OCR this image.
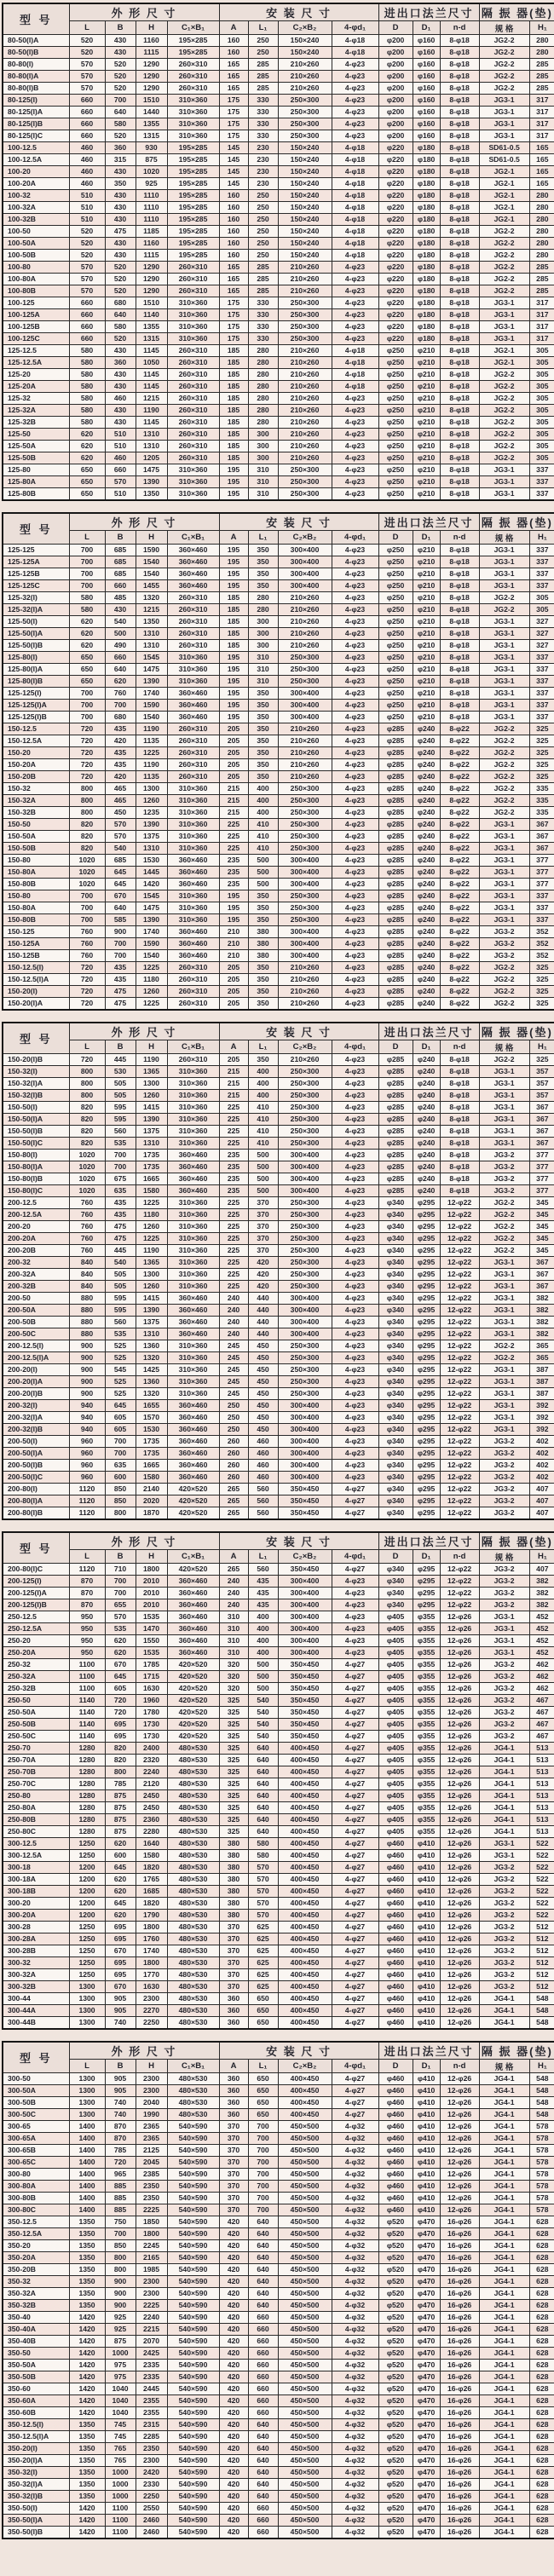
型 号	外 形 尺 寸				安 装 尺 寸				进出口法兰尺寸			隔 振 器(垫)	
	L	B	H	C₁×B₁	A	L₁	C₂×B₂	4-φd₁	D	D₁	n-d	规 格	H₁
80-50(I)A	520	430	1160	195×285	160	250	150×240	4-φ18	φ200	φ160	8-φ18	JG2-2	280
80-50(I)B	520	430	1115	195×285	160	250	150×240	4-φ18	φ200	φ160	8-φ18	JG2-2	280
80-80(I)	570	520	1290	260×310	165	285	210×260	4-φ23	φ200	φ160	8-φ18	JG2-2	285
80-80(I)A	570	520	1290	260×310	165	285	210×260	4-φ23	φ200	φ160	8-φ18	JG2-2	285
80-80(I)B	570	520	1290	260×310	165	285	210×260	4-φ23	φ200	φ160	8-φ18	JG2-2	285
80-125(I)	660	700	1510	310×360	175	330	250×300	4-φ23	φ200	φ160	8-φ18	JG3-1	317
80-125(I)A	660	640	1440	310×360	175	330	250×300	4-φ23	φ200	φ160	8-φ18	JG3-1	317
80-125(I)B	660	580	1355	310×360	175	330	250×300	4-φ23	φ200	φ160	8-φ18	JG3-1	317
80-125(I)C	660	520	1315	310×360	175	330	250×300	4-φ23	φ200	φ160	8-φ18	JG3-1	317
100-12.5	460	360	930	195×285	145	230	150×240	4-φ18	φ220	φ180	8-φ18	SD61-0.5	165
100-12.5A	460	315	875	195×285	145	230	150×240	4-φ18	φ220	φ180	8-φ18	SD61-0.5	165
100-20	460	430	1020	195×285	145	230	150×240	4-φ18	φ220	φ180	8-φ18	JG2-1	165
100-20A	460	350	925	195×285	145	230	150×240	4-φ18	φ220	φ180	8-φ18	JG2-1	165
100-32	510	430	1110	195×285	160	250	150×240	4-φ18	φ220	φ180	8-φ18	JG2-1	280
100-32A	510	430	1110	195×285	160	250	150×240	4-φ18	φ220	φ180	8-φ18	JG2-1	280
100-32B	510	430	1110	195×285	160	250	150×240	4-φ18	φ220	φ180	8-φ18	JG2-1	280
100-50	520	475	1185	195×285	160	250	150×240	4-φ18	φ220	φ180	8-φ18	JG2-2	280
100-50A	520	430	1160	195×285	160	250	150×240	4-φ18	φ220	φ180	8-φ18	JG2-2	280
100-50B	520	430	1115	195×285	160	250	150×240	4-φ18	φ220	φ180	8-φ18	JG2-2	280
100-80	570	520	1290	260×310	165	285	210×260	4-φ23	φ220	φ180	8-φ18	JG2-2	285
100-80A	570	520	1290	260×310	165	285	210×260	4-φ23	φ220	φ180	8-φ18	JG2-2	285
100-80B	570	520	1290	260×310	165	285	210×260	4-φ23	φ220	φ180	8-φ18	JG2-2	285
100-125	660	680	1510	310×360	175	330	250×300	4-φ23	φ220	φ180	8-φ18	JG3-1	317
100-125A	660	640	1140	310×360	175	330	250×300	4-φ23	φ220	φ180	8-φ18	JG3-1	317
100-125B	660	580	1355	310×360	175	330	250×300	4-φ23	φ220	φ180	8-φ18	JG3-1	317
100-125C	660	520	1315	310×360	175	330	250×300	4-φ23	φ220	φ180	8-φ18	JG3-1	317
125-12.5	580	430	1145	260×310	185	280	210×260	4-φ18	φ250	φ210	8-φ18	JG2-1	305
125-12.5A	580	360	1050	260×310	185	280	210×260	4-φ18	φ250	φ210	8-φ18	JG2-1	305
125-20	580	430	1145	260×310	185	280	210×260	4-φ18	φ250	φ210	8-φ18	JG2-2	305
125-20A	580	430	1145	260×310	185	280	210×260	4-φ18	φ250	φ210	8-φ18	JG2-2	305
125-32	580	460	1215	260×310	185	280	210×260	4-φ23	φ250	φ210	8-φ18	JG2-2	305
125-32A	580	430	1190	260×310	185	280	210×260	4-φ23	φ250	φ210	8-φ18	JG2-2	305
125-32B	580	430	1145	260×310	185	280	210×260	4-φ23	φ250	φ210	8-φ18	JG2-2	305
125-50	620	510	1310	260×310	185	300	210×260	4-φ23	φ250	φ210	8-φ18	JG2-2	305
125-50A	620	510	1310	260×310	185	300	210×260	4-φ23	φ250	φ210	8-φ18	JG2-2	305
125-50B	620	460	1205	260×310	185	300	210×260	4-φ23	φ250	φ210	8-φ18	JG2-2	305
125-80	650	660	1475	310×360	195	310	250×300	4-φ23	φ250	φ210	8-φ18	JG3-1	337
125-80A	650	570	1390	310×360	195	310	250×300	4-φ23	φ250	φ210	8-φ18	JG3-1	337
125-80B	650	510	1350	310×360	195	310	250×300	4-φ23	φ250	φ210	8-φ18	JG3-1	337
型 号	外 形 尺 寸				安 装 尺 寸				进出口法兰尺寸			隔 振 器(垫)	
	L	B	H	C₁×B₁	A	L₁	C₂×B₂	4-φd₁	D	D₁	n-d	规 格	H₁
125-125	700	685	1590	360×460	195	350	300×400	4-φ23	φ250	φ210	8-φ18	JG3-1	337
125-125A	700	685	1540	360×460	195	350	300×400	4-φ23	φ250	φ210	8-φ18	JG3-1	337
125-125B	700	685	1540	360×460	195	350	300×400	4-φ23	φ250	φ210	8-φ18	JG3-1	337
125-125C	700	660	1455	360×460	195	350	300×400	4-φ23	φ250	φ210	8-φ18	JG3-1	337
125-32(I)	580	485	1320	260×310	185	280	210×260	4-φ23	φ250	φ210	8-φ18	JG2-2	305
125-32(I)A	580	430	1215	260×310	185	280	210×260	4-φ23	φ250	φ210	8-φ18	JG2-2	305
125-50(I)	620	540	1350	260×310	185	300	210×260	4-φ23	φ250	φ210	8-φ18	JG3-1	327
125-50(I)A	620	500	1310	260×310	185	300	210×260	4-φ23	φ250	φ210	8-φ18	JG3-1	327
125-50(I)B	620	490	1310	260×310	185	300	210×260	4-φ23	φ250	φ210	8-φ18	JG3-1	327
125-80(I)	650	660	1545	310×360	195	310	250×300	4-φ23	φ250	φ210	8-φ18	JG3-1	337
125-80(I)A	650	640	1475	310×360	195	310	250×300	4-φ23	φ250	φ210	8-φ18	JG3-1	337
125-80(I)B	650	620	1390	310×360	195	310	250×300	4-φ23	φ250	φ210	8-φ18	JG3-1	337
125-125(I)	700	760	1740	360×460	195	350	300×400	4-φ23	φ250	φ210	8-φ18	JG3-1	337
125-125(I)A	700	700	1590	360×460	195	350	300×400	4-φ23	φ250	φ210	8-φ18	JG3-1	337
125-125(I)B	700	680	1540	360×460	195	350	300×400	4-φ23	φ250	φ210	8-φ18	JG3-1	337
150-12.5	720	435	1190	260×310	205	350	210×260	4-φ23	φ285	φ240	8-φ22	JG2-2	325
150-12.5A	720	420	1135	260×310	205	350	210×260	4-φ23	φ285	φ240	8-φ22	JG2-2	325
150-20	720	435	1225	260×310	205	350	210×260	4-φ23	φ285	φ240	8-φ22	JG2-2	325
150-20A	720	435	1190	260×310	205	350	210×260	4-φ23	φ285	φ240	8-φ22	JG2-2	325
150-20B	720	420	1135	260×310	205	350	210×260	4-φ23	φ285	φ240	8-φ22	JG2-2	325
150-32	800	465	1300	310×360	215	400	250×300	4-φ23	φ285	φ240	8-φ22	JG2-2	335
150-32A	800	465	1260	310×360	215	400	250×300	4-φ23	φ285	φ240	8-φ22	JG2-2	335
150-32B	800	450	1235	310×360	215	400	250×300	4-φ23	φ285	φ240	8-φ22	JG2-2	335
150-50	820	570	1390	310×360	225	410	250×300	4-φ23	φ285	φ240	8-φ22	JG3-1	367
150-50A	820	570	1375	310×360	225	410	250×300	4-φ23	φ285	φ240	8-φ22	JG3-1	367
150-50B	820	540	1310	310×360	225	410	250×300	4-φ23	φ285	φ240	8-φ22	JG3-1	367
150-80	1020	685	1530	360×460	235	500	300×400	4-φ23	φ285	φ240	8-φ22	JG3-1	377
150-80A	1020	645	1445	360×460	235	500	300×400	4-φ23	φ285	φ240	8-φ22	JG3-1	377
150-80B	1020	645	1420	360×460	235	500	300×400	4-φ23	φ285	φ240	8-φ22	JG3-1	377
150-80	700	670	1545	310×360	195	350	250×300	4-φ23	φ285	φ240	8-φ22	JG3-1	337
150-80A	700	640	1475	310×360	195	350	250×300	4-φ23	φ285	φ240	8-φ22	JG3-1	337
150-80B	700	585	1390	310×360	195	350	250×300	4-φ23	φ285	φ240	8-φ22	JG3-1	337
150-125	760	900	1740	360×460	210	380	300×400	4-φ23	φ285	φ240	8-φ22	JG3-2	352
150-125A	760	700	1590	360×460	210	380	300×400	4-φ23	φ285	φ240	8-φ22	JG3-2	352
150-125B	760	700	1540	360×460	210	380	300×400	4-φ23	φ285	φ240	8-φ22	JG3-2	352
150-12.5(I)	720	435	1225	260×310	205	350	210×260	4-φ23	φ285	φ240	8-φ22	JG2-2	325
150-12.5(I)A	720	435	1180	260×310	205	350	210×260	4-φ23	φ285	φ240	8-φ22	JG2-2	325
150-20(I)	720	475	1260	260×310	205	350	210×260	4-φ23	φ285	φ240	8-φ22	JG2-2	325
150-20(I)A	720	475	1225	260×310	205	350	210×260	4-φ23	φ285	φ240	8-φ22	JG2-2	325
型 号	外 形 尺 寸				安 装 尺 寸				进出口法兰尺寸			隔 振 器(垫)	
	L	B	H	C₁×B₁	A	L₁	C₂×B₂	4-φd₁	D	D₁	n-d	规 格	H₁
150-20(I)B	720	445	1190	260×310	205	350	210×260	4-φ23	φ285	φ240	8-φ18	JG2-2	325
150-32(I)	800	530	1365	310×360	215	400	250×300	4-φ23	φ285	φ240	8-φ18	JG3-1	357
150-32(I)A	800	505	1300	310×360	215	400	250×300	4-φ23	φ285	φ240	8-φ18	JG3-1	357
150-32(I)B	800	505	1260	310×360	215	400	250×300	4-φ23	φ285	φ240	8-φ18	JG3-1	357
150-50(I)	820	595	1415	310×360	225	410	250×300	4-φ23	φ285	φ240	8-φ18	JG3-1	367
150-50(I)A	820	595	1390	310×360	225	410	250×300	4-φ23	φ285	φ240	8-φ18	JG3-1	367
150-50(I)B	820	560	1375	310×360	225	410	250×300	4-φ23	φ285	φ240	8-φ18	JG3-1	367
150-50(I)C	820	535	1310	310×360	225	410	250×300	4-φ23	φ285	φ240	8-φ18	JG3-1	367
150-80(I)	1020	700	1735	360×460	235	500	300×400	4-φ23	φ285	φ240	8-φ18	JG3-2	377
150-80(I)A	1020	700	1735	360×460	235	500	300×400	4-φ23	φ285	φ240	8-φ18	JG3-2	377
150-80(I)B	1020	675	1665	360×460	235	500	300×400	4-φ23	φ285	φ240	8-φ18	JG3-2	377
150-80(I)C	1020	635	1580	360×460	235	500	300×400	4-φ23	φ285	φ240	8-φ18	JG3-2	377
200-12.5	760	435	1225	310×360	225	370	250×300	4-φ23	φ340	φ295	12-φ22	JG2-2	345
200-12.5A	760	435	1180	310×360	225	370	250×300	4-φ23	φ340	φ295	12-φ22	JG2-2	345
200-20	760	475	1260	310×360	225	370	250×300	4-φ23	φ340	φ295	12-φ22	JG2-2	345
200-20A	760	475	1225	310×360	225	370	250×300	4-φ23	φ340	φ295	12-φ22	JG2-2	345
200-20B	760	445	1190	310×360	225	370	250×300	4-φ23	φ340	φ295	12-φ22	JG2-2	345
200-32	840	540	1365	310×360	225	420	250×300	4-φ23	φ340	φ295	12-φ22	JG3-1	367
200-32A	840	505	1300	310×360	225	420	250×300	4-φ23	φ340	φ295	12-φ22	JG3-1	367
200-32B	840	505	1260	310×360	225	420	250×300	4-φ23	φ340	φ295	12-φ22	JG3-1	367
200-50	880	595	1415	360×460	240	440	300×400	4-φ23	φ340	φ295	12-φ22	JG3-1	382
200-50A	880	595	1390	360×460	240	440	300×400	4-φ23	φ340	φ295	12-φ22	JG3-1	382
200-50B	880	560	1375	360×460	240	440	300×400	4-φ23	φ340	φ295	12-φ22	JG3-1	382
200-50C	880	535	1310	360×460	240	440	300×400	4-φ23	φ340	φ295	12-φ22	JG3-1	382
200-12.5(I)	900	525	1360	310×360	245	450	250×300	4-φ23	φ340	φ295	12-φ22	JG2-2	365
200-12.5(I)A	900	525	1320	310×360	245	450	250×300	4-φ23	φ340	φ295	12-φ22	JG2-2	365
200-20(I)	900	545	1425	310×360	245	450	250×300	4-φ23	φ340	φ295	12-φ22	JG3-1	387
200-20(I)A	900	525	1360	310×360	245	450	250×300	4-φ23	φ340	φ295	12-φ22	JG3-1	387
200-20(I)B	900	525	1320	310×360	245	450	250×300	4-φ23	φ340	φ295	12-φ22	JG3-1	387
200-32(I)	940	645	1655	360×460	250	450	300×400	4-φ23	φ340	φ295	12-φ22	JG3-1	392
200-32(I)A	940	605	1570	360×460	250	450	300×400	4-φ23	φ340	φ295	12-φ22	JG3-1	392
200-32(I)B	940	605	1530	360×460	250	450	300×400	4-φ23	φ340	φ295	12-φ22	JG3-1	392
200-50(I)	960	700	1735	360×460	260	460	300×400	4-φ23	φ340	φ295	12-φ22	JG3-2	402
200-50(I)A	960	700	1735	360×460	260	460	300×400	4-φ23	φ340	φ295	12-φ22	JG3-2	402
200-50(I)B	960	635	1665	360×460	260	460	300×400	4-φ23	φ340	φ295	12-φ22	JG3-2	402
200-50(I)C	960	600	1580	360×460	260	460	300×400	4-φ23	φ340	φ295	12-φ22	JG3-2	402
200-80(I)	1120	850	2140	420×520	265	560	350×450	4-φ27	φ340	φ295	12-φ22	JG3-2	407
200-80(I)A	1120	850	2020	420×520	265	560	350×450	4-φ27	φ340	φ295	12-φ22	JG3-2	407
200-80(I)B	1120	800	1870	420×520	265	560	350×450	4-φ27	φ340	φ295	12-φ22	JG3-2	407
型 号	外 形 尺 寸				安 装 尺 寸				进出口法兰尺寸			隔 振 器(垫)	
	L	B	H	C₁×B₁	A	L₁	C₂×B₂	4-φd₁	D	D₁	n-d	规 格	H₁
200-80(I)C	1120	710	1800	420×520	265	560	350×450	4-φ27	φ340	φ295	12-φ22	JG3-2	407
200-125(I)	870	700	2010	360×460	240	435	300×400	4-φ23	φ340	φ295	12-φ22	JG3-2	382
200-125(I)A	870	700	2010	360×460	240	435	300×400	4-φ23	φ340	φ295	12-φ22	JG3-2	382
200-125(I)B	870	655	2010	360×460	240	435	300×400	4-φ23	φ340	φ295	12-φ22	JG3-2	382
250-12.5	950	570	1535	360×460	310	400	300×400	4-φ23	φ405	φ355	12-φ26	JG3-1	452
250-12.5A	950	535	1470	360×460	310	400	300×400	4-φ23	φ405	φ355	12-φ26	JG3-1	452
250-20	950	620	1550	360×460	310	400	300×400	4-φ23	φ405	φ355	12-φ26	JG3-1	452
250-20A	950	620	1535	360×460	310	400	300×400	4-φ23	φ405	φ355	12-φ26	JG3-1	452
250-32	1100	670	1785	420×520	320	500	350×450	4-φ27	φ405	φ355	12-φ26	JG3-2	462
250-32A	1100	645	1715	420×520	320	500	350×450	4-φ27	φ405	φ355	12-φ26	JG3-2	462
250-32B	1100	605	1630	420×520	320	500	350×450	4-φ27	φ405	φ355	12-φ26	JG3-2	462
250-50	1140	720	1960	420×520	325	540	350×450	4-φ27	φ405	φ355	12-φ26	JG3-2	467
250-50A	1140	720	1780	420×520	325	540	350×450	4-φ27	φ405	φ355	12-φ26	JG3-2	467
250-50B	1140	695	1730	420×520	325	540	350×450	4-φ27	φ405	φ355	12-φ26	JG3-2	467
250-50C	1140	695	1730	420×520	325	540	350×450	4-φ27	φ405	φ355	12-φ26	JG3-2	467
250-70	1280	820	2400	480×530	325	640	400×450	4-φ27	φ405	φ355	12-φ26	JG4-1	513
250-70A	1280	820	2320	480×530	325	640	400×450	4-φ27	φ405	φ355	12-φ26	JG4-1	513
250-70B	1280	800	2240	480×530	325	640	400×450	4-φ27	φ405	φ355	12-φ26	JG4-1	513
250-70C	1280	785	2120	480×530	325	640	400×450	4-φ27	φ405	φ355	12-φ26	JG4-1	513
250-80	1280	875	2450	480×530	325	640	400×450	4-φ27	φ405	φ355	12-φ26	JG4-1	513
250-80A	1280	875	2450	480×530	325	640	400×450	4-φ27	φ405	φ355	12-φ26	JG4-1	513
250-80B	1280	875	2360	480×530	325	640	400×450	4-φ27	φ405	φ355	12-φ26	JG4-1	513
250-80C	1280	875	2280	480×530	325	640	400×450	4-φ27	φ405	φ355	12-φ26	JG4-1	513
300-12.5	1250	620	1640	480×530	380	580	400×450	4-φ27	φ460	φ410	12-φ26	JG3-1	522
300-12.5A	1250	600	1580	480×530	380	580	400×450	4-φ27	φ460	φ410	12-φ26	JG3-1	522
300-18	1200	645	1820	480×530	380	570	400×450	4-φ27	φ460	φ410	12-φ26	JG3-2	522
300-18A	1200	620	1765	480×530	380	570	400×450	4-φ27	φ460	φ410	12-φ26	JG3-2	522
300-18B	1200	620	1685	480×530	380	570	400×450	4-φ27	φ460	φ410	12-φ26	JG3-2	522
300-20	1200	645	1820	480×530	380	570	400×450	4-φ27	φ460	φ410	12-φ26	JG3-2	522
300-20A	1200	620	1790	480×530	380	570	400×450	4-φ27	φ460	φ410	12-φ26	JG3-2	522
300-28	1250	695	1800	480×530	370	625	400×450	4-φ27	φ460	φ410	12-φ26	JG3-2	512
300-28A	1250	695	1760	480×530	370	625	400×450	4-φ27	φ460	φ410	12-φ26	JG3-2	512
300-28B	1250	670	1740	480×530	370	625	400×450	4-φ27	φ460	φ410	12-φ26	JG3-2	512
300-32	1250	695	1800	480×530	370	625	400×450	4-φ27	φ460	φ410	12-φ26	JG3-2	512
300-32A	1250	695	1770	480×530	370	625	400×450	4-φ27	φ460	φ410	12-φ26	JG3-2	512
300-32B	1300	670	1630	480×530	370	625	400×450	4-φ27	φ460	φ410	12-φ26	JG3-2	512
300-44	1300	905	2300	480×530	360	650	400×450	4-φ27	φ460	φ410	12-φ26	JG4-1	548
300-44A	1300	905	2270	480×530	360	650	400×450	4-φ27	φ460	φ410	12-φ26	JG4-1	548
300-44B	1300	740	2250	480×530	360	650	400×450	4-φ27	φ460	φ410	12-φ26	JG4-1	548
型 号	外 形 尺 寸				安 装 尺 寸				进出口法兰尺寸			隔 振 器(垫)	
	L	B	H	C₁×B₁	A	L₁	C₂×B₂	4-φd₁	D	D₁	n-d	规 格	H₁
300-50	1300	905	2300	480×530	360	650	400×450	4-φ27	φ460	φ410	12-φ26	JG4-1	548
300-50A	1300	905	2300	480×530	360	650	400×450	4-φ27	φ460	φ410	12-φ26	JG4-1	548
300-50B	1300	740	2040	480×530	360	650	400×450	4-φ27	φ460	φ410	12-φ26	JG4-1	548
300-50C	1300	740	1990	480×530	360	650	400×450	4-φ27	φ460	φ410	12-φ26	JG4-1	548
300-65	1400	870	2365	540×590	370	700	450×500	4-φ32	φ460	φ410	12-φ26	JG4-1	578
300-65A	1400	870	2365	540×590	370	700	450×500	4-φ32	φ460	φ410	12-φ26	JG4-1	578
300-65B	1400	785	2125	540×590	370	700	450×500	4-φ32	φ460	φ410	12-φ26	JG4-1	578
300-65C	1400	720	2045	540×590	370	700	450×500	4-φ32	φ460	φ410	12-φ26	JG4-1	578
300-80	1400	965	2385	540×590	370	700	450×500	4-φ32	φ460	φ410	12-φ26	JG4-1	578
300-80A	1400	885	2350	540×590	370	700	450×500	4-φ32	φ460	φ410	12-φ26	JG4-1	578
300-80B	1400	885	2350	540×590	370	700	450×500	4-φ32	φ460	φ410	12-φ26	JG4-1	578
300-80C	1400	885	2225	540×590	370	700	450×500	4-φ32	φ460	φ410	12-φ26	JG4-1	578
350-12.5	1350	750	1850	540×590	420	640	450×500	4-φ32	φ520	φ470	16-φ26	JG4-1	628
350-12.5A	1350	700	1800	540×590	420	640	450×500	4-φ32	φ520	φ470	16-φ26	JG4-1	628
350-20	1350	850	2245	540×590	420	640	450×500	4-φ32	φ520	φ470	16-φ26	JG4-1	628
350-20A	1350	800	2165	540×590	420	640	450×500	4-φ32	φ520	φ470	16-φ26	JG4-1	628
350-20B	1350	800	1985	540×590	420	640	450×500	4-φ32	φ520	φ470	16-φ26	JG4-1	628
350-32	1350	900	2300	540×590	420	640	450×500	4-φ32	φ520	φ470	16-φ26	JG4-1	628
350-32A	1350	900	2300	540×590	420	640	450×500	4-φ32	φ520	φ470	16-φ26	JG4-1	628
350-32B	1350	900	2225	540×590	420	640	450×500	4-φ32	φ520	φ470	16-φ26	JG4-1	628
350-40	1420	925	2240	540×590	420	660	450×500	4-φ32	φ520	φ470	16-φ26	JG4-1	628
350-40A	1420	925	2215	540×590	420	660	450×500	4-φ32	φ520	φ470	16-φ26	JG4-1	628
350-40B	1420	875	2070	540×590	420	660	450×500	4-φ32	φ520	φ470	16-φ26	JG4-1	628
350-50	1420	1000	2425	540×590	420	660	450×500	4-φ32	φ520	φ470	16-φ26	JG4-1	628
350-50A	1420	975	2335	540×590	420	660	450×500	4-φ32	φ520	φ470	16-φ26	JG4-1	628
350-50B	1420	975	2335	540×590	420	660	450×500	4-φ32	φ520	φ470	16-φ26	JG4-1	628
350-60	1420	1040	2445	540×590	420	660	450×500	4-φ32	φ520	φ470	16-φ26	JG4-1	628
350-60A	1420	1040	2355	540×590	420	660	450×500	4-φ32	φ520	φ470	16-φ26	JG4-1	628
350-60B	1420	1040	2355	540×590	420	660	450×500	4-φ32	φ520	φ470	16-φ26	JG4-1	628
350-12.5(I)	1350	745	2315	540×590	420	640	450×500	4-φ32	φ520	φ470	16-φ26	JG4-1	628
350-12.5(I)A	1350	745	2285	540×590	420	640	450×500	4-φ32	φ520	φ470	16-φ26	JG4-1	628
350-20(I)	1350	765	2350	540×590	420	640	450×500	4-φ32	φ520	φ470	16-φ26	JG4-1	628
350-20(I)A	1350	765	2300	540×590	420	640	450×500	4-φ32	φ520	φ470	16-φ26	JG4-1	628
350-32(I)	1350	1000	2420	540×590	420	640	450×500	4-φ32	φ520	φ470	16-φ26	JG4-1	628
350-32(I)A	1350	1000	2330	540×590	420	640	450×500	4-φ32	φ520	φ470	16-φ26	JG4-1	628
350-32(I)B	1350	1000	2250	540×590	420	640	450×500	4-φ32	φ520	φ470	16-φ26	JG4-1	628
350-50(I)	1420	1100	2550	540×590	420	660	450×500	4-φ32	φ520	φ470	16-φ26	JG4-1	628
350-50(I)A	1420	1100	2460	540×590	420	660	450×500	4-φ32	φ520	φ470	16-φ26	JG4-1	628
350-50(I)B	1420	1100	2460	540×590	420	660	450×500	4-φ32	φ520	φ470	16-φ26	JG4-1	628
